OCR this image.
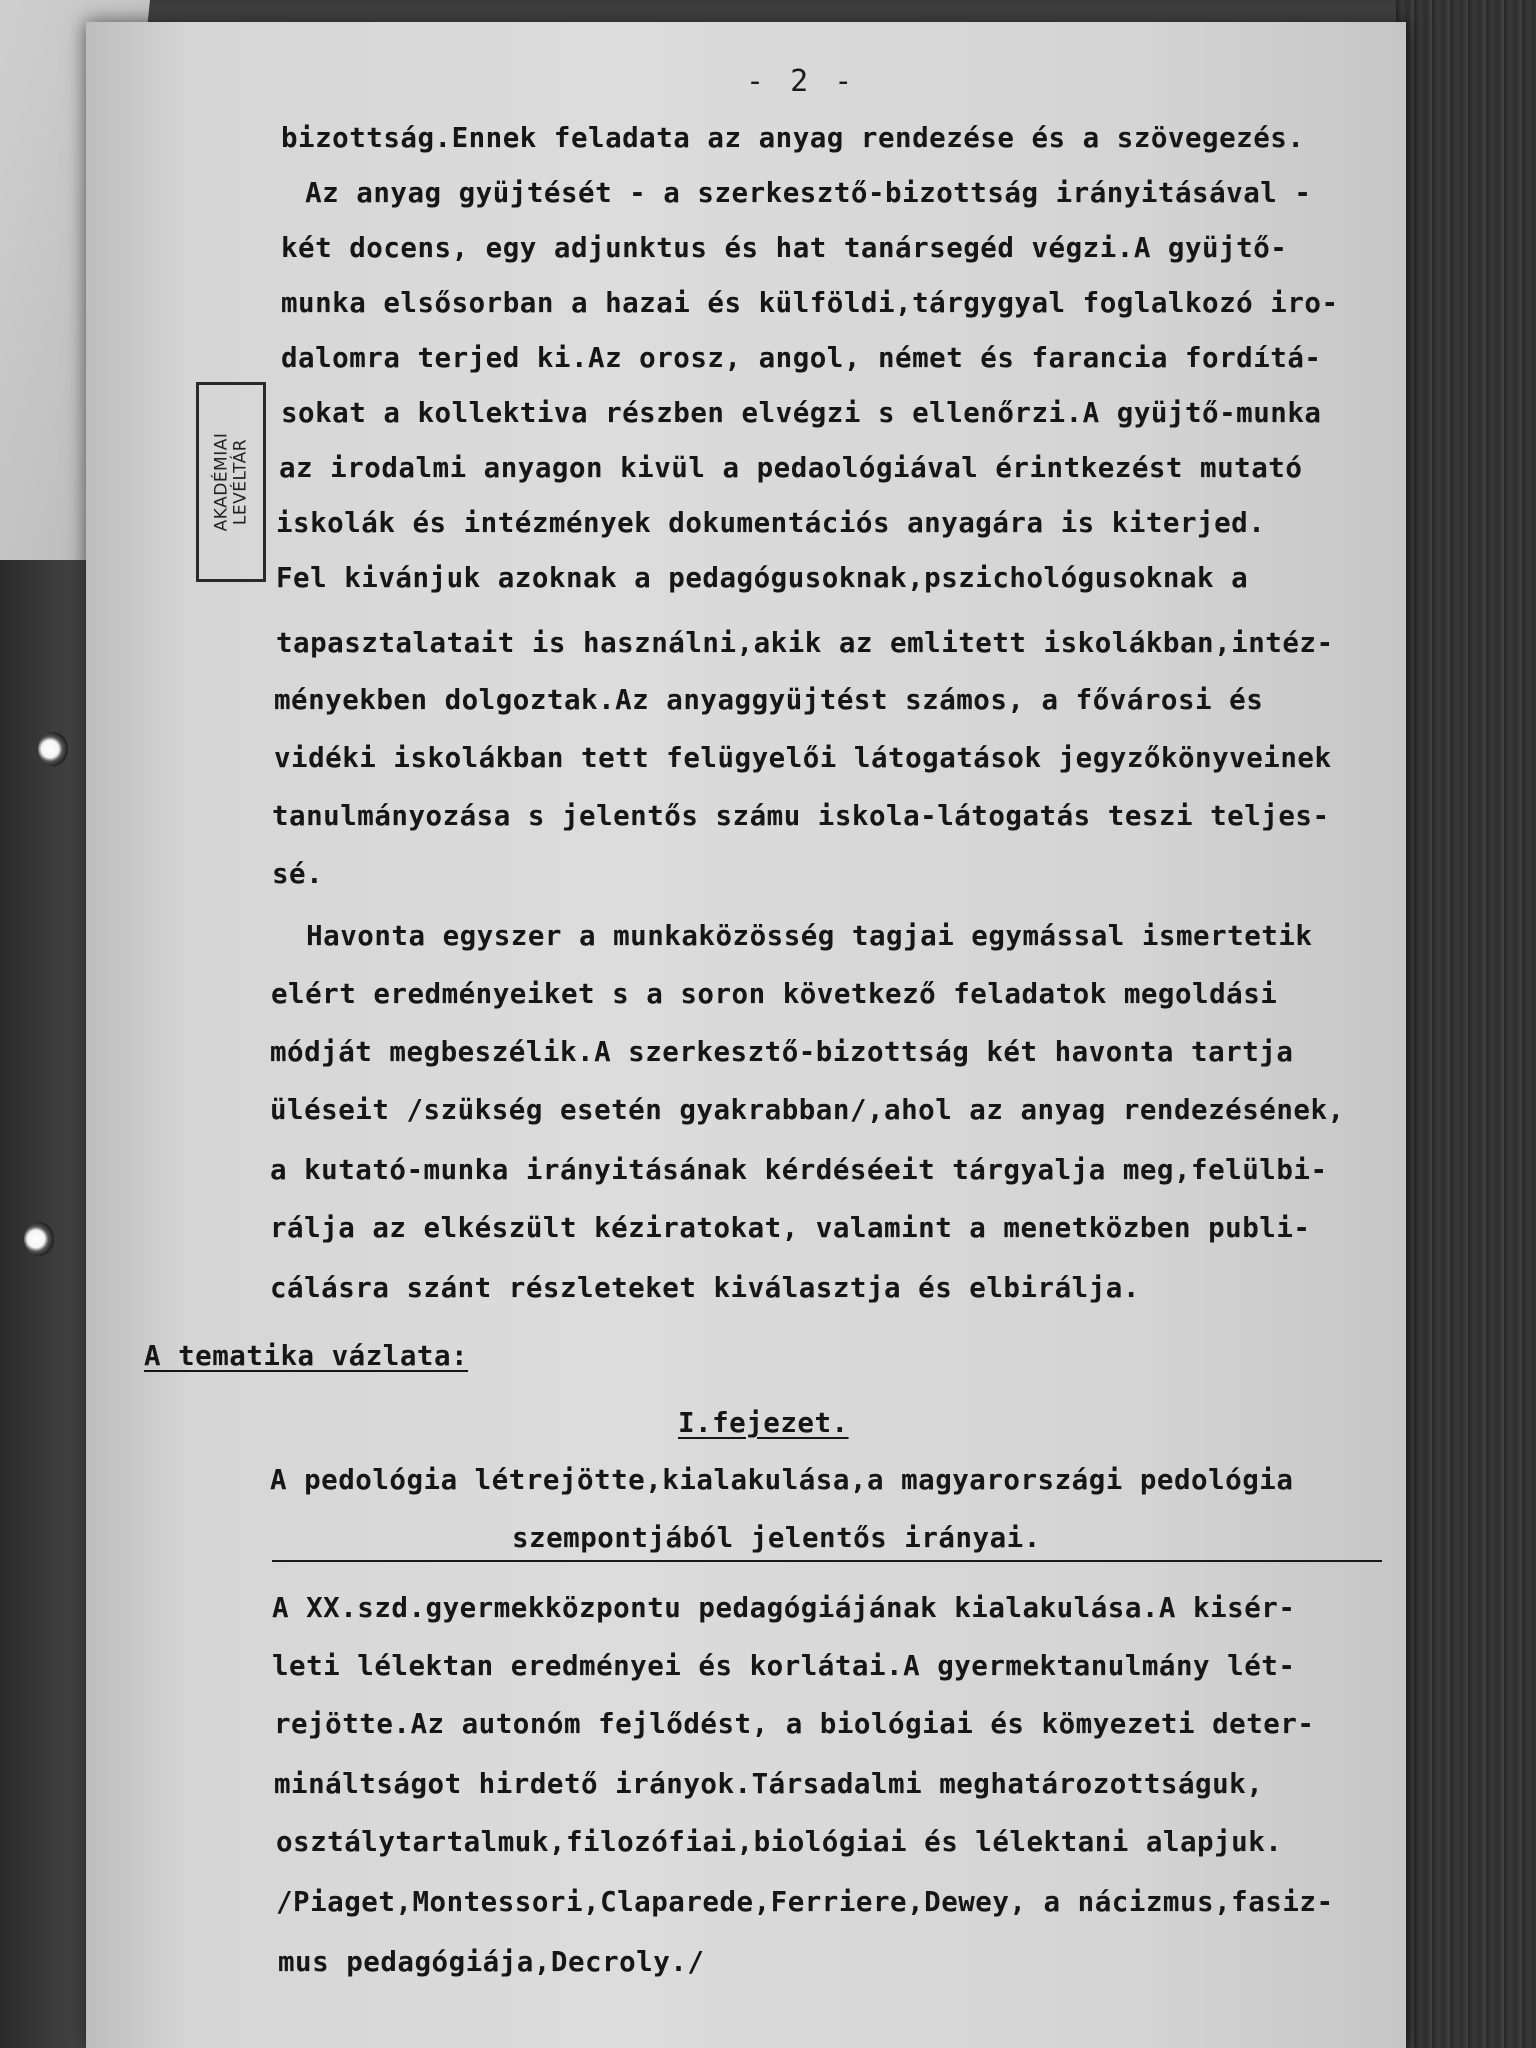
AKADÉMIAI LEVÉLTÁR
- 2 -
bizottság.Ennek feladata az anyag rendezése és a szövegezés.
Az anyag gyüjtését - a szerkesztő-bizottság irányitásával -
két docens, egy adjunktus és hat tanársegéd végzi.A gyüjtő-
munka elsősorban a hazai és külföldi,tárgygyal foglalkozó iro-
dalomra terjed ki.Az orosz, angol, német és farancia fordítá-
sokat a kollektiva részben elvégzi s ellenőrzi.A gyüjtő-munka
az irodalmi anyagon kivül a pedaológiával érintkezést mutató
iskolák és intézmények dokumentációs anyagára is kiterjed.
Fel kivánjuk azoknak a pedagógusoknak,pszichológusoknak a
tapasztalatait is használni,akik az emlitett iskolákban,intéz-
ményekben dolgoztak.Az anyaggyüjtést számos, a fővárosi és
vidéki iskolákban tett felügyelői látogatások jegyzőkönyveinek
tanulmányozása s jelentős számu iskola-látogatás teszi teljes-
sé.
Havonta egyszer a munkaközösség tagjai egymással ismertetik
elért eredményeiket s a soron következő feladatok megoldási
módját megbeszélik.A szerkesztő-bizottság két havonta tartja
üléseit /szükség esetén gyakrabban/,ahol az anyag rendezésének,
a kutató-munka irányitásának kérdéséeit tárgyalja meg,felülbi-
rálja az elkészült kéziratokat, valamint a menetközben publi-
cálásra szánt részleteket kiválasztja és elbirálja.
A tematika vázlata:
I.fejezet.
A pedológia létrejötte,kialakulása,a magyarországi pedológia
szempontjából jelentős irányai.
A XX.szd.gyermekközpontu pedagógiájának kialakulása.A kisér-
leti lélektan eredményei és korlátai.A gyermektanulmány lét-
rejötte.Az autonóm fejlődést, a biológiai és kömyezeti deter-
mináltságot hirdető irányok.Társadalmi meghatározottságuk,
osztálytartalmuk,filozófiai,biológiai és lélektani alapjuk.
/Piaget,Montessori,Claparede,Ferriere,Dewey, a nácizmus,fasiz-
mus pedagógiája,Decroly./
